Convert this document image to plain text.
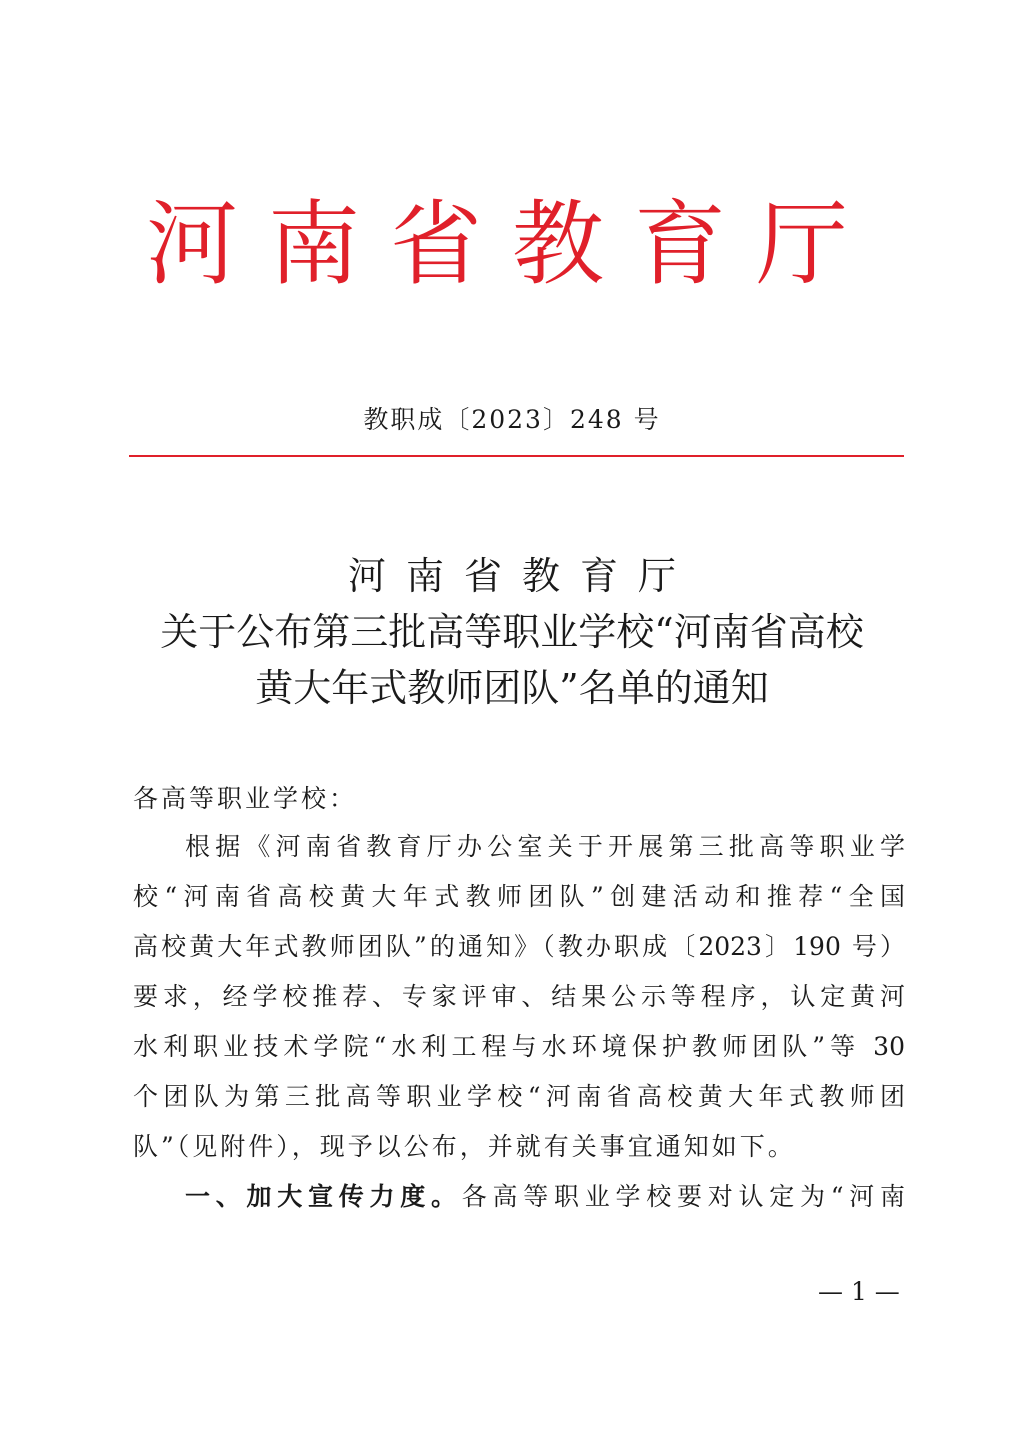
河南省教育厅
教职成〔2023〕248 号
河南省教育厅
关于公布第三批高等职业学校“河南省高校
黄大年式教师团队”名单的通知
各高等职业学校：
根据《河南省教育厅办公室关于开展第三批高等职业学
校“河南省高校黄大年式教师团队”创建活动和推荐“全国
高校黄大年式教师团队”的通知》（教办职成〔2023〕190 号）
要求，经学校推荐、专家评审、结果公示等程序，认定黄河
水利职业技术学院“水利工程与水环境保护教师团队”等 30
个团队为第三批高等职业学校“河南省高校黄大年式教师团
队”（见附件），现予以公布，并就有关事宜通知如下。
一、加大宣传力度。各高等职业学校要对认定为“河南
— 1 —
